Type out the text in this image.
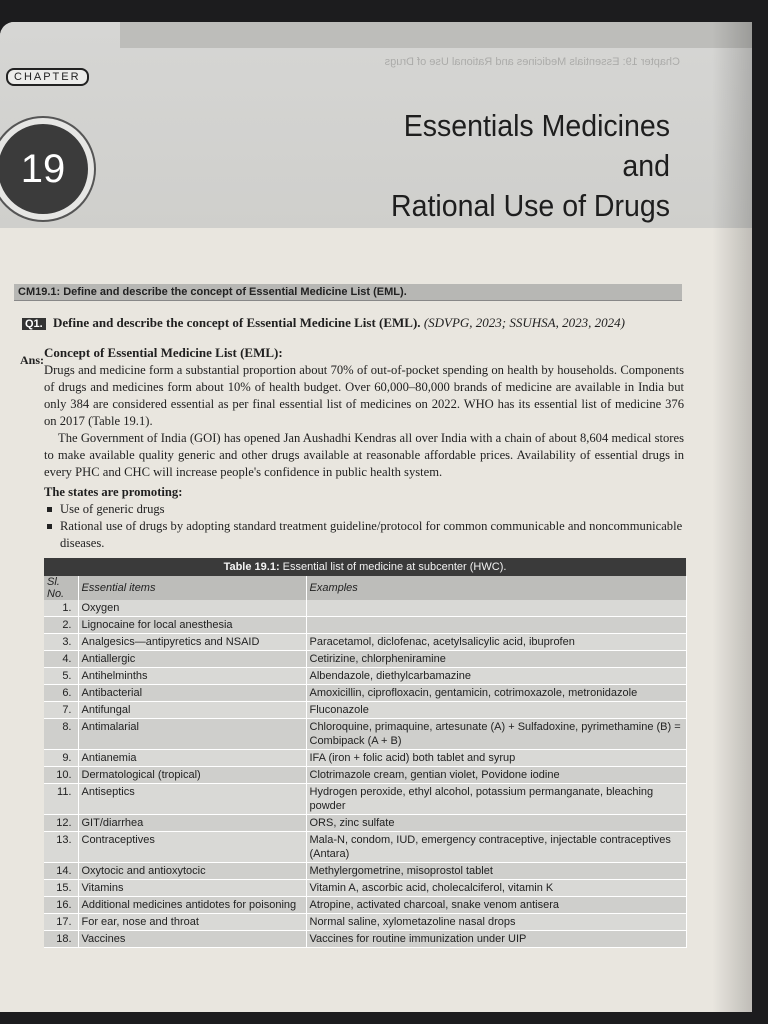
Chapter 19: Essentials Medicines and Rational Use of Drugs
CHAPTER
19
Essentials Medicines and
Rational Use of Drugs
CM19.1: Define and describe the concept of Essential Medicine List (EML).
Q1. Define and describe the concept of Essential Medicine List (EML). (SDVPG, 2023; SSUHSA, 2023, 2024)
Ans: Concept of Essential Medicine List (EML):

Drugs and medicine form a substantial proportion about 70% of out-of-pocket spending on health by households. Components of drugs and medicines form about 10% of health budget. Over 60,000–80,000 brands of medicine are available in India but only 384 are considered essential as per final essential list of medicines on 2022. WHO has its essential list of medicine 376 on 2017 (Table 19.1).

The Government of India (GOI) has opened Jan Aushadhi Kendras all over India with a chain of about 8,604 medical stores to make available quality generic and other drugs available at reasonable affordable prices. Availability of essential drugs in every PHC and CHC will increase people's confidence in public health system.

The states are promoting:
Use of generic drugs
Rational use of drugs by adopting standard treatment guideline/protocol for common communicable and noncommunicable diseases.
Table 19.1: Essential list of medicine at subcenter (HWC).
Sl. No.	Essential items	Examples
1.	Oxygen	
2.	Lignocaine for local anesthesia	
3.	Analgesics—antipyretics and NSAID	Paracetamol, diclofenac, acetylsalicylic acid, ibuprofen
4.	Antiallergic	Cetirizine, chlorpheniramine
5.	Antihelminths	Albendazole, diethylcarbamazine
6.	Antibacterial	Amoxicillin, ciprofloxacin, gentamicin, cotrimoxazole, metronidazole
7.	Antifungal	Fluconazole
8.	Antimalarial	Chloroquine, primaquine, artesunate (A) + Sulfadoxine, pyrimethamine (B) = Combipack (A + B)
9.	Antianemia	IFA (iron + folic acid) both tablet and syrup
10.	Dermatological (tropical)	Clotrimazole cream, gentian violet, Povidone iodine
11.	Antiseptics	Hydrogen peroxide, ethyl alcohol, potassium permanganate, bleaching powder
12.	GIT/diarrhea	ORS, zinc sulfate
13.	Contraceptives	Mala-N, condom, IUD, emergency contraceptive, injectable contraceptives (Antara)
14.	Oxytocic and antioxytocic	Methylergometrine, misoprostol tablet
15.	Vitamins	Vitamin A, ascorbic acid, cholecalciferol, vitamin K
16.	Additional medicines antidotes for poisoning	Atropine, activated charcoal, snake venom antisera
17.	For ear, nose and throat	Normal saline, xylometazoline nasal drops
18.	Vaccines	Vaccines for routine immunization under UIP
